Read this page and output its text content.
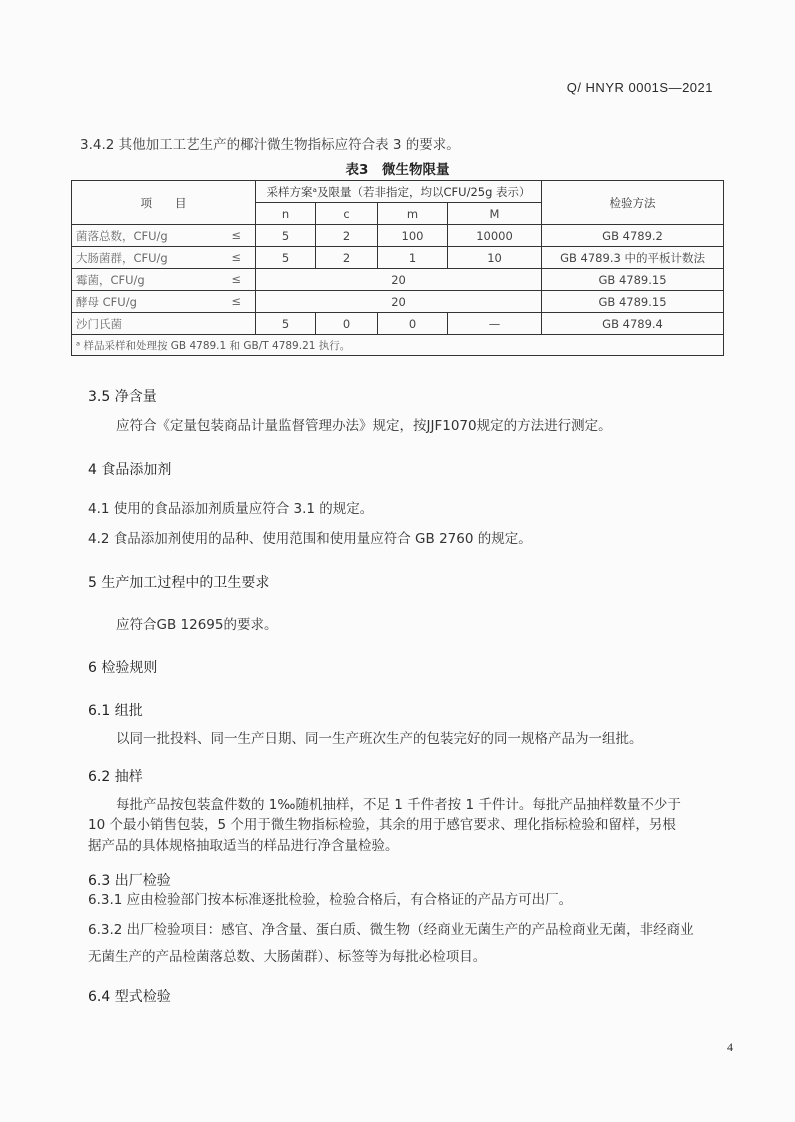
Q/ HNYR 0001S—2021
3.4.2 其他加工工艺生产的椰汁微生物指标应符合表 3 的要求。
表3　微生物限量
项　　目	采样方案ᵃ及限量（若非指定，均以CFU/25g 表示）				检验方法
	n	c	m	M	
菌落总数，CFU/g ≤	5	2	100	10000	GB 4789.2
大肠菌群，CFU/g ≤	5	2	1	10	GB 4789.3 中的平板计数法
霉菌，CFU/g ≤	20				GB 4789.15
酵母 CFU/g ≤	20				GB 4789.15
沙门氏菌	5	0	0	—	GB 4789.4
ᵃ 样品采样和处理按 GB 4789.1 和 GB/T 4789.21 执行。					
3.5 净含量
应符合《定量包装商品计量监督管理办法》规定，按JJF1070规定的方法进行测定。
4 食品添加剂
4.1 使用的食品添加剂质量应符合 3.1 的规定。
4.2 食品添加剂使用的品种、使用范围和使用量应符合 GB 2760 的规定。
5 生产加工过程中的卫生要求
应符合GB 12695的要求。
6 检验规则
6.1 组批
以同一批投料、同一生产日期、同一生产班次生产的包装完好的同一规格产品为一组批。
6.2 抽样
每批产品按包装盒件数的 1‰随机抽样，不足 1 千件者按 1 千件计。每批产品抽样数量不少于
10 个最小销售包装，5 个用于微生物指标检验，其余的用于感官要求、理化指标检验和留样，另根
据产品的具体规格抽取适当的样品进行净含量检验。
6.3 出厂检验
6.3.1 应由检验部门按本标准逐批检验，检验合格后，有合格证的产品方可出厂。
6.3.2 出厂检验项目：感官、净含量、蛋白质、微生物（经商业无菌生产的产品检商业无菌，非经商业
无菌生产的产品检菌落总数、大肠菌群）、标签等为每批必检项目。
6.4 型式检验
4
